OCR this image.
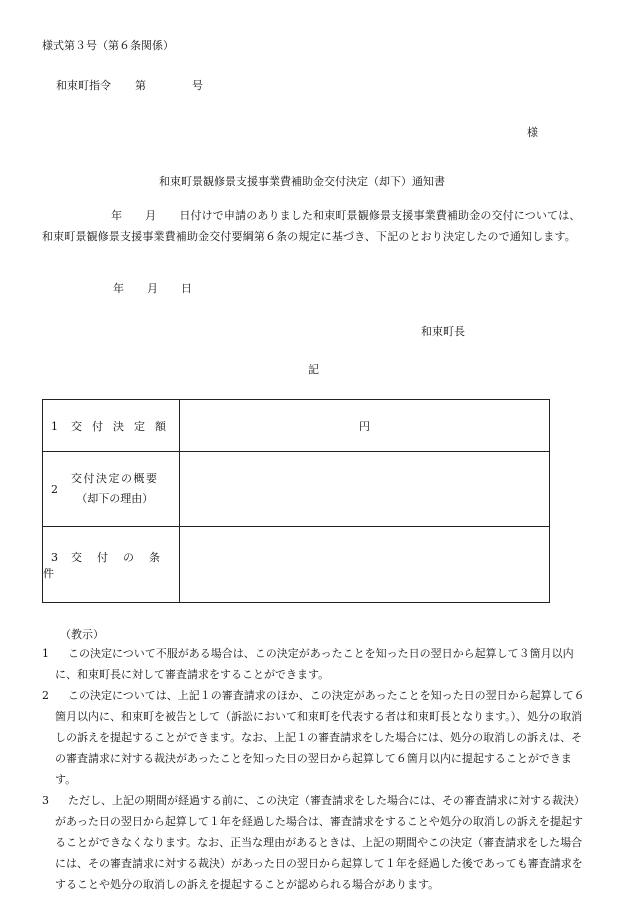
様式第３号（第６条関係）
和束町指令 第	号
様
和束町景観修景支援事業費補助金交付決定（却下）通知書
年 月 日付けで申請のありました和束町景観修景支援事業費補助金の交付については、和束町景観修景支援事業費補助金交付要綱第６条の規定に基づき、下記のとおり決定したので通知します。
年 月 日
和束町長
記
1 交付決定額	円

2
交付決定の概要
（却下の理由）	

3 交付の条件	
（教示）
1	この決定について不服がある場合は、この決定があったことを知った日の翌日から起算して３箇月以内に、和束町長に対して審査請求をすることができます。
2	この決定については、上記１の審査請求のほか、この決定があったことを知った日の翌日から起算して６箇月以内に、和束町を被告として（訴訟において和束町を代表する者は和束町長となります。）、処分の取消しの訴えを提起することができます。なお、上記１の審査請求をした場合には、処分の取消しの訴えは、その審査請求に対する裁決があったことを知った日の翌日から起算して６箇月以内に提起することができます。
3	ただし、上記の期間が経過する前に、この決定（審査請求をした場合には、その審査請求に対する裁決）があった日の翌日から起算して１年を経過した場合は、審査請求をすることや処分の取消しの訴えを提起することができなくなります。なお、正当な理由があるときは、上記の期間やこの決定（審査請求をした場合には、その審査請求に対する裁決）があった日の翌日から起算して１年を経過した後であっても審査請求をすることや処分の取消しの訴えを提起することが認められる場合があります。
